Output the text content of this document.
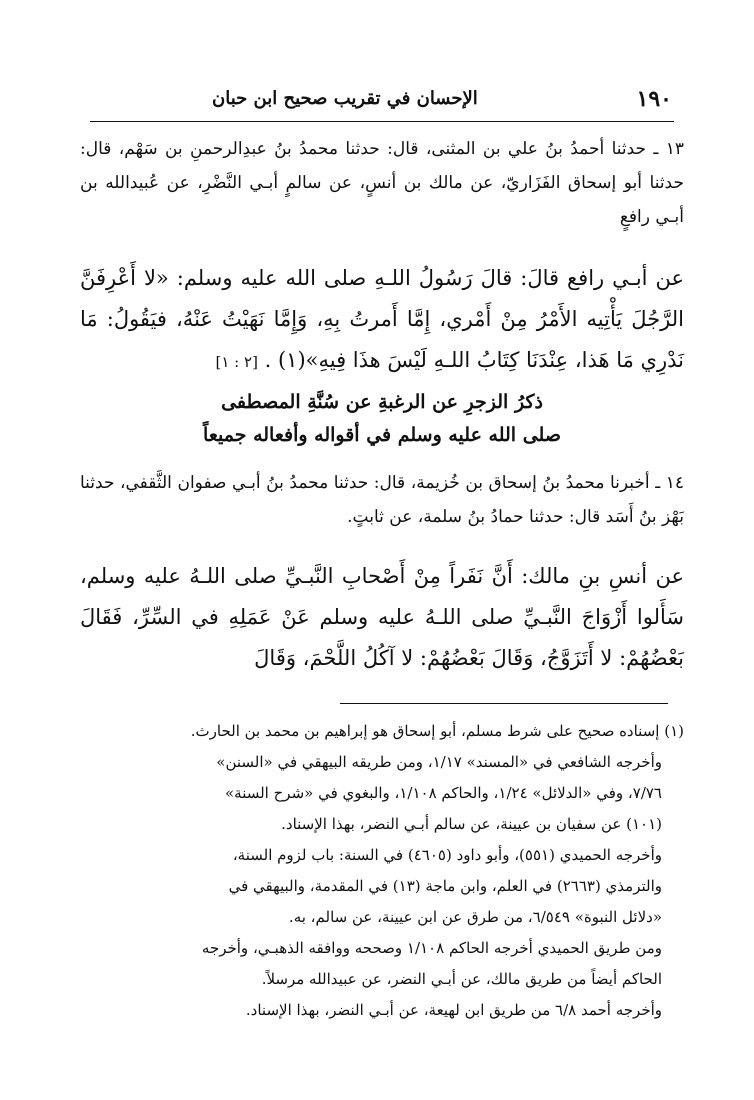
١٩٠
الإحسان في تقريب صحيح ابن حبان
١٣ ـ حدثنا أحمدُ بنُ علي بن المثنى، قال: حدثنا محمدُ بنُ عبدِالرحمنِ بن سَهْم، قال: حدثنا أبو إسحاق الفَزَاريّ، عن مالك بن أنسٍ، عن سالمٍ أبـي النَّضْرِ، عن عُبيدالله بن أبـي رافعٍ
عن أبـي رافع قالَ: قالَ رَسُولُ اللـهِ صلى الله عليه وسلم: «لا أَعْرِفَنَّ الرَّجُلَ يَأْتِيه الأَمْرُ مِنْ أَمْري، إِمَّا أَمرتُ بِهِ، وَإِمَّا نَهَيْتُ عَنْهُ، فيَقُولُ: مَا نَدْرِي مَا هَذا، عِنْدَنَا كِتَابُ اللـهِ لَيْسَ هذَا فِيهِ»(١) . [٢ : ١]
ذكرُ الزجرِ عن الرغبةِ عن سُنَّةِ المصطفى
صلى الله عليه وسلم في أقواله وأفعاله جميعاً
١٤ ـ أخبرنا محمدُ بنُ إسحاق بن خُزيمة، قال: حدثنا محمدُ بنُ أبـي صفوان الثَّقفي، حدثنا بَهْز بنُ أَسَد قال: حدثنا حمادُ بنُ سلمة، عن ثابتٍ.
عن أنسِ بنِ مالك: أَنَّ نَفَراً مِنْ أَصْحابِ النَّبـيِّ صلى اللـهُ عليه وسلم، سَأَلوا أَزْوَاجَ النَّبـيِّ صلى اللـهُ عليه وسلم عَنْ عَمَلِهِ في السِّرِّ، فَقَالَ بَعْضُهُمْ: لا أَتَزَوَّجُ، وَقَالَ بَعْضُهُمْ: لا آكُلُ اللَّحْمَ، وَقَالَ
(١) إسناده صحيح على شرط مسلم، أبو إسحاق هو إبراهيم بن محمد بن الحارث.
وأخرجه الشافعي في «المسند» ١/١٧، ومن طريقه البيهقي في «السنن»
٧/٧٦، وفي «الدلائل» ١/٢٤، والحاكم ١/١٠٨، والبغوي في «شرح السنة»
(١٠١) عن سفيان بن عيينة، عن سالم أبـي النضر، بهذا الإسناد.
وأخرجه الحميدي (٥٥١)، وأبو داود (٤٦٠٥) في السنة: باب لزوم السنة،
والترمذي (٢٦٦٣) في العلم، وابن ماجة (١٣) في المقدمة، والبيهقي في
«دلائل النبوة» ٦/٥٤٩، من طرق عن ابن عيينة، عن سالم، به.
ومن طريق الحميدي أخرجه الحاكم ١/١٠٨ وصححه ووافقه الذهبـي، وأخرجه
الحاكم أيضاً من طريق مالك، عن أبـي النضر، عن عبيدالله مرسلاً.
وأخرجه أحمد ٦/٨ من طريق ابن لهيعة، عن أبـي النضر، بهذا الإسناد.
